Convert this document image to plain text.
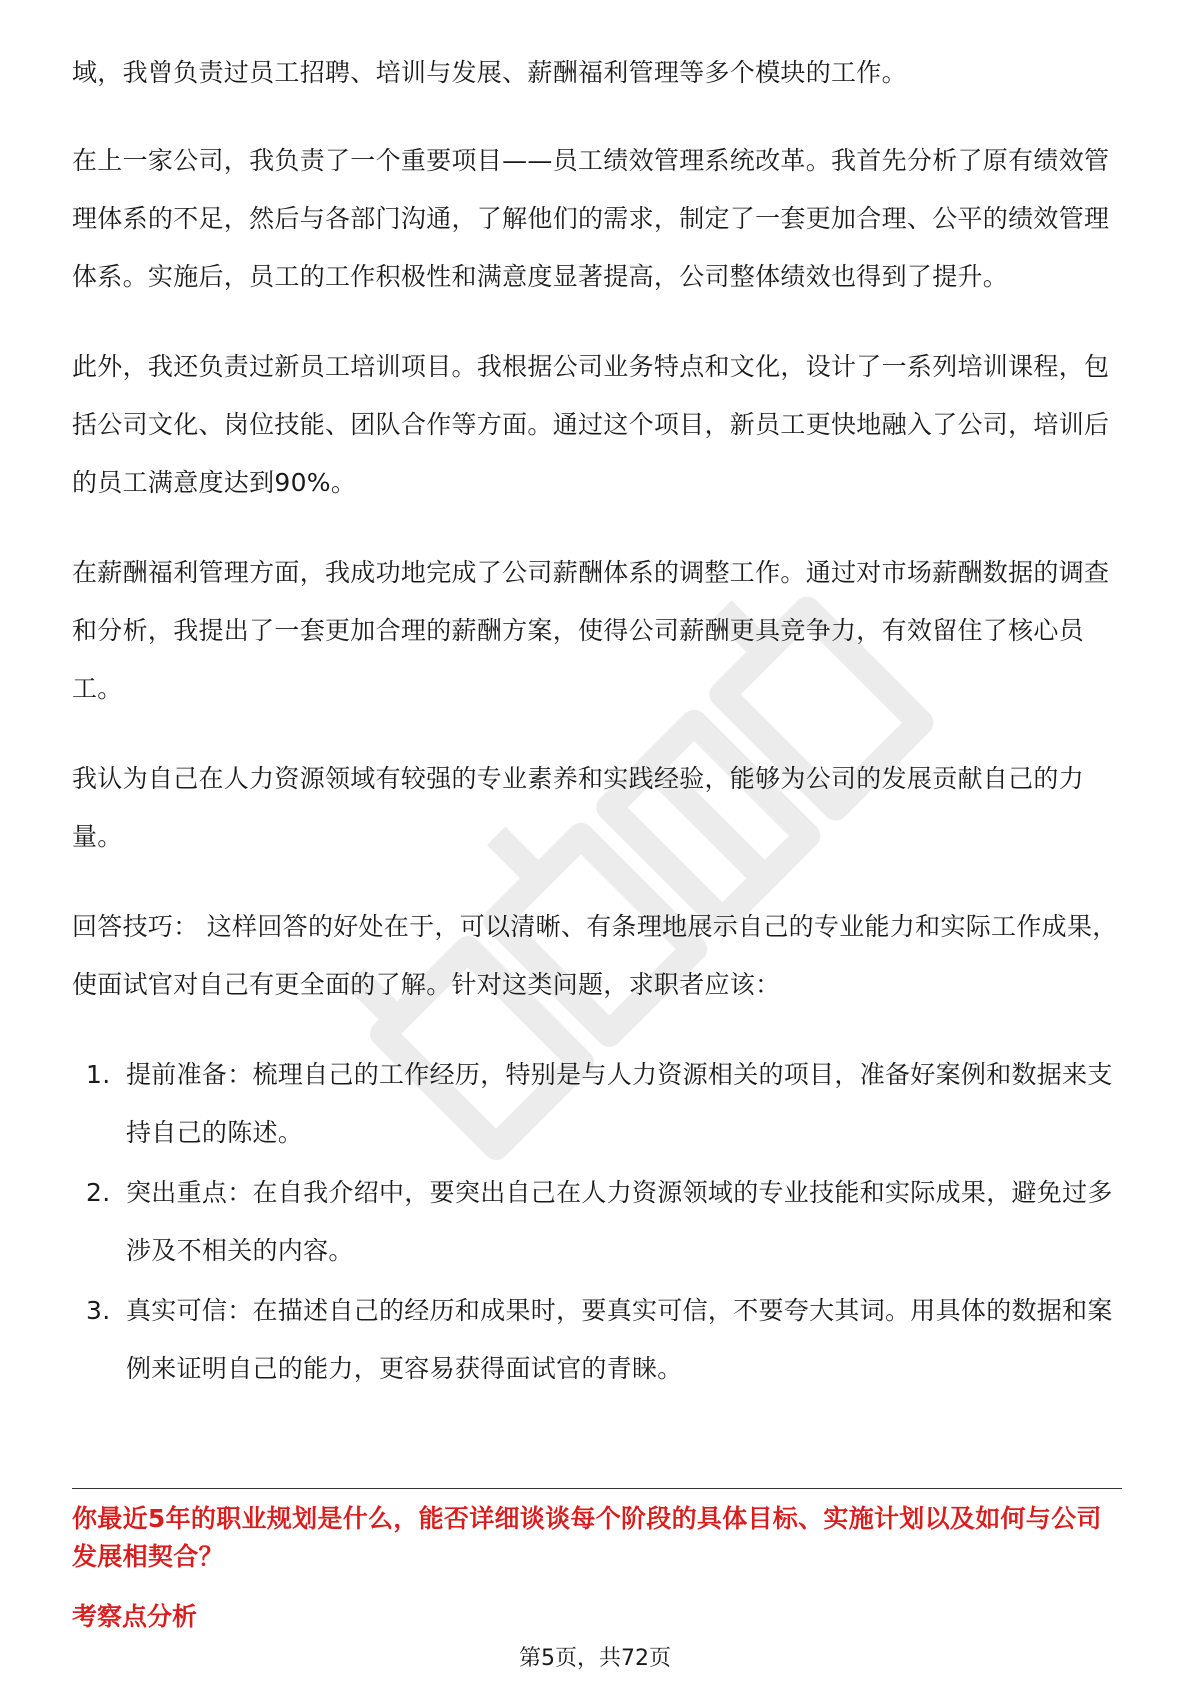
域，我曾负责过员工招聘、培训与发展、薪酬福利管理等多个模块的工作。

在上一家公司，我负责了一个重要项目——员工绩效管理系统改革。我首先分析了原有绩效管理体系的不足，然后与各部门沟通，了解他们的需求，制定了一套更加合理、公平的绩效管理体系。实施后，员工的工作积极性和满意度显著提高，公司整体绩效也得到了提升。

此外，我还负责过新员工培训项目。我根据公司业务特点和文化，设计了一系列培训课程，包括公司文化、岗位技能、团队合作等方面。通过这个项目，新员工更快地融入了公司，培训后的员工满意度达到90%。

在薪酬福利管理方面，我成功地完成了公司薪酬体系的调整工作。通过对市场薪酬数据的调查和分析，我提出了一套更加合理的薪酬方案，使得公司薪酬更具竞争力，有效留住了核心员工。

我认为自己在人力资源领域有较强的专业素养和实践经验，能够为公司的发展贡献自己的力量。

回答技巧： 这样回答的好处在于，可以清晰、有条理地展示自己的专业能力和实际工作成果，使面试官对自己有更全面的了解。针对这类问题，求职者应该：

1. 提前准备：梳理自己的工作经历，特别是与人力资源相关的项目，准备好案例和数据来支持自己的陈述。
2. 突出重点：在自我介绍中，要突出自己在人力资源领域的专业技能和实际成果，避免过多涉及不相关的内容。
3. 真实可信：在描述自己的经历和成果时，要真实可信，不要夸大其词。用具体的数据和案例来证明自己的能力，更容易获得面试官的青睐。
你最近5年的职业规划是什么，能否详细谈谈每个阶段的具体目标、实施计划以及如何与公司发展相契合？
考察点分析
第5页，共72页
